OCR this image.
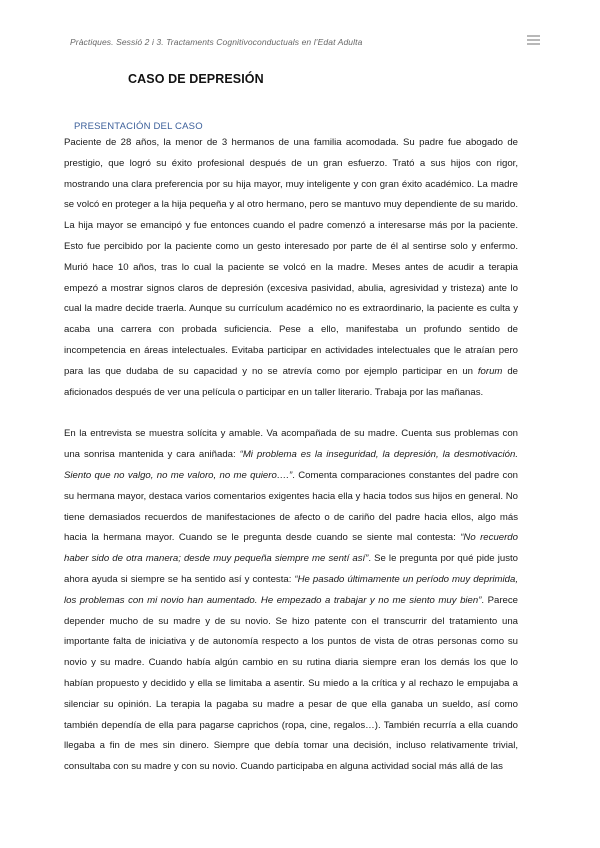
Pràctiques. Sessió 2 i 3. Tractaments Cognitivoconductuals en l’Edat Adulta
CASO DE DEPRESIÓN
PRESENTACIÓN DEL CASO

Paciente de 28 años, la menor de 3 hermanos de una familia acomodada. Su padre fue abogado de prestigio, que logró su éxito profesional después de un gran esfuerzo. Trató a sus hijos con rigor, mostrando una clara preferencia por su hija mayor, muy inteligente y con gran éxito académico. La madre se volcó en proteger a la hija pequeña y al otro hermano, pero se mantuvo muy dependiente de su marido. La hija mayor se emancipó y fue entonces cuando el padre comenzó a interesarse más por la paciente. Esto fue percibido por la paciente como un gesto interesado por parte de él al sentirse solo y enfermo. Murió hace 10 años, tras lo cual la paciente se volcó en la madre. Meses antes de acudir a terapia empezó a mostrar signos claros de depresión (excesiva pasividad, abulia, agresividad y tristeza) ante lo cual la madre decide traerla. Aunque su currículum académico no es extraordinario, la paciente es culta y acaba una carrera con probada suficiencia. Pese a ello, manifestaba un profundo sentido de incompetencia en áreas intelectuales. Evitaba participar en actividades intelectuales que le atraían pero para las que dudaba de su capacidad y no se atrevía como por ejemplo participar en un forum de aficionados después de ver una película o participar en un taller literario. Trabaja por las mañanas.

En la entrevista se muestra solícita y amable. Va acompañada de su madre. Cuenta sus problemas con una sonrisa mantenida y cara aniñada: “Mi problema es la inseguridad, la depresión, la desmotivación. Siento que no valgo, no me valoro, no me quiero….”. Comenta comparaciones constantes del padre con su hermana mayor, destaca varios comentarios exigentes hacia ella y hacia todos sus hijos en general. No tiene demasiados recuerdos de manifestaciones de afecto o de cariño del padre hacia ellos, algo más hacia la hermana mayor. Cuando se le pregunta desde cuando se siente mal contesta: “No recuerdo haber sido de otra manera; desde muy pequeña siempre me sentí así”. Se le pregunta por qué pide justo ahora ayuda si siempre se ha sentido así y contesta: “He pasado últimamente un período muy deprimida, los problemas con mi novio han aumentado. He empezado a trabajar y no me siento muy bien”. Parece depender mucho de su madre y de su novio. Se hizo patente con el transcurrir del tratamiento una importante falta de iniciativa y de autonomía respecto a los puntos de vista de otras personas como su novio y su madre. Cuando había algún cambio en su rutina diaria siempre eran los demás los que lo habían propuesto y decidido y ella se limitaba a asentir. Su miedo a la crítica y al rechazo le empujaba a silenciar su opinión. La terapia la pagaba su madre a pesar de que ella ganaba un sueldo, así como también dependía de ella para pagarse caprichos (ropa, cine, regalos…). También recurría a ella cuando llegaba a fin de mes sin dinero. Siempre que debía tomar una decisión, incluso relativamente trivial, consultaba con su madre y con su novio. Cuando participaba en alguna actividad social más allá de las
